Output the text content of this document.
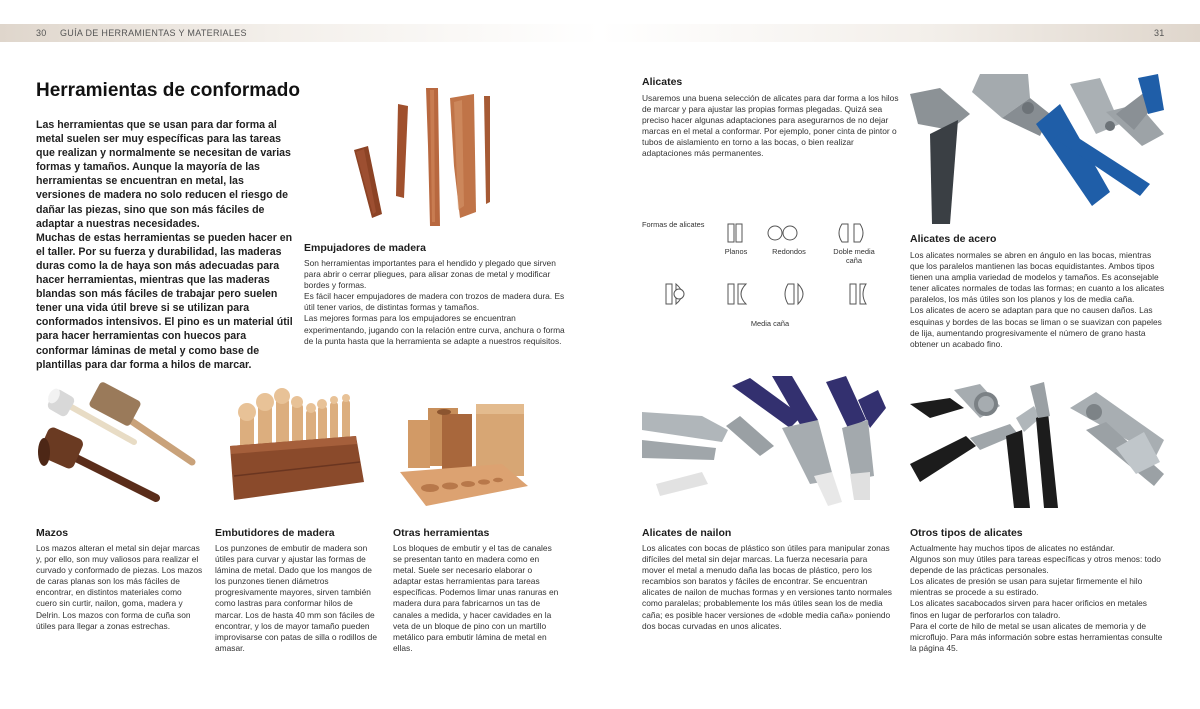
30 GUÍA DE HERRAMIENTAS Y MATERIALES	31
Herramientas de conformado

Las herramientas que se usan para dar forma al metal suelen ser muy específicas para las tareas que realizan y normalmente se necesitan de varias formas y tamaños. Aunque la mayoría de las herramientas se encuentran en metal, las versiones de madera no solo reducen el riesgo de dañar las piezas, sino que son más fáciles de adaptar a nuestras necesidades.

Muchas de estas herramientas se pueden hacer en el taller. Por su fuerza y durabilidad, las maderas duras como la de haya son más adecuadas para hacer herramientas, mientras que las maderas blandas son más fáciles de trabajar pero suelen tener una vida útil breve si se utilizan para conformados intensivos. El pino es un material útil para hacer herramientas con huecos para conformar láminas de metal y como base de plantillas para dar forma a hilos de marcar.

Empujadores de madera

Son herramientas importantes para el hendido y plegado que sirven para abrir o cerrar pliegues, para alisar zonas de metal y modificar bordes y formas.

Es fácil hacer empujadores de madera con trozos de madera dura. Es útil tener varios, de distintas formas y tamaños.

Las mejores formas para los empujadores se encuentran experimentando, jugando con la relación entre curva, anchura o forma de la punta hasta que la herramienta se adapte a nuestros requisitos.

Mazos
Los mazos alteran el metal sin dejar marcas y, por ello, son muy valiosos para realizar el curvado y conformado de piezas. Los mazos de caras planas son los más fáciles de encontrar, en distintos materiales como cuero sin curtir, nailon, goma, madera y Delrin. Los mazos con forma de cuña son útiles para llegar a zonas estrechas.
Embutidores de madera
Los punzones de embutir de madera son útiles para curvar y ajustar las formas de lámina de metal. Dado que los mangos de los punzones tienen diámetros progresivamente mayores, sirven también como lastras para conformar hilos de marcar. Los de hasta 40 mm son fáciles de encontrar, y los de mayor tamaño pueden improvisarse con patas de silla o rodillos de amasar.
Otras herramientas
Los bloques de embutir y el tas de canales se presentan tanto en madera como en metal. Suele ser necesario elaborar o adaptar estas herramientas para tareas específicas. Podemos limar unas ranuras en madera dura para fabricarnos un tas de canales a medida, y hacer cavidades en la veta de un bloque de pino con un martillo metálico para embutir lámina de metal en ellas.
Alicates
Usaremos una buena selección de alicates para dar forma a los hilos de marcar y para ajustar las propias formas plegadas. Quizá sea preciso hacer algunas adaptaciones para asegurarnos de no dejar marcas en el metal a conformar. Por ejemplo, poner cinta de pintor o tubos de aislamiento en torno a las bocas, o bien realizar adaptaciones más permanentes.
Formas de alicates
Planos	Redondos	Doble media caña
Media caña
Alicates de acero

Los alicates normales se abren en ángulo en las bocas, mientras que los paralelos mantienen las bocas equidistantes. Ambos tipos tienen una amplia variedad de modelos y tamaños. Es aconsejable tener alicates normales de todas las formas; en cuanto a los alicates paralelos, los más útiles son los planos y los de media caña.

Los alicates de acero se adaptan para que no causen daños. Las esquinas y bordes de las bocas se liman o se suavizan con papeles de lija, aumentando progresivamente el número de grano hasta obtener un acabado fino.

Alicates de nailon
Los alicates con bocas de plástico son útiles para manipular zonas difíciles del metal sin dejar marcas. La fuerza necesaria para mover el metal a menudo daña las bocas de plástico, pero los recambios son baratos y fáciles de encontrar. Se encuentran alicates de nailon de muchas formas y en versiones tanto normales como paralelas; probablemente los más útiles sean los de media caña; es posible hacer versiones de «doble media caña» poniendo dos bocas curvadas en unos alicates.
Otros tipos de alicates

Actualmente hay muchos tipos de alicates no estándar.

Algunos son muy útiles para tareas específicas y otros menos: todo depende de las prácticas personales.

Los alicates de presión se usan para sujetar firmemente el hilo mientras se procede a su estirado.

Los alicates sacabocados sirven para hacer orificios en metales finos en lugar de perforarlos con taladro.

Para el corte de hilo de metal se usan alicates de memoria y de microflujo. Para más información sobre estas herramientas consulte la página 45.
